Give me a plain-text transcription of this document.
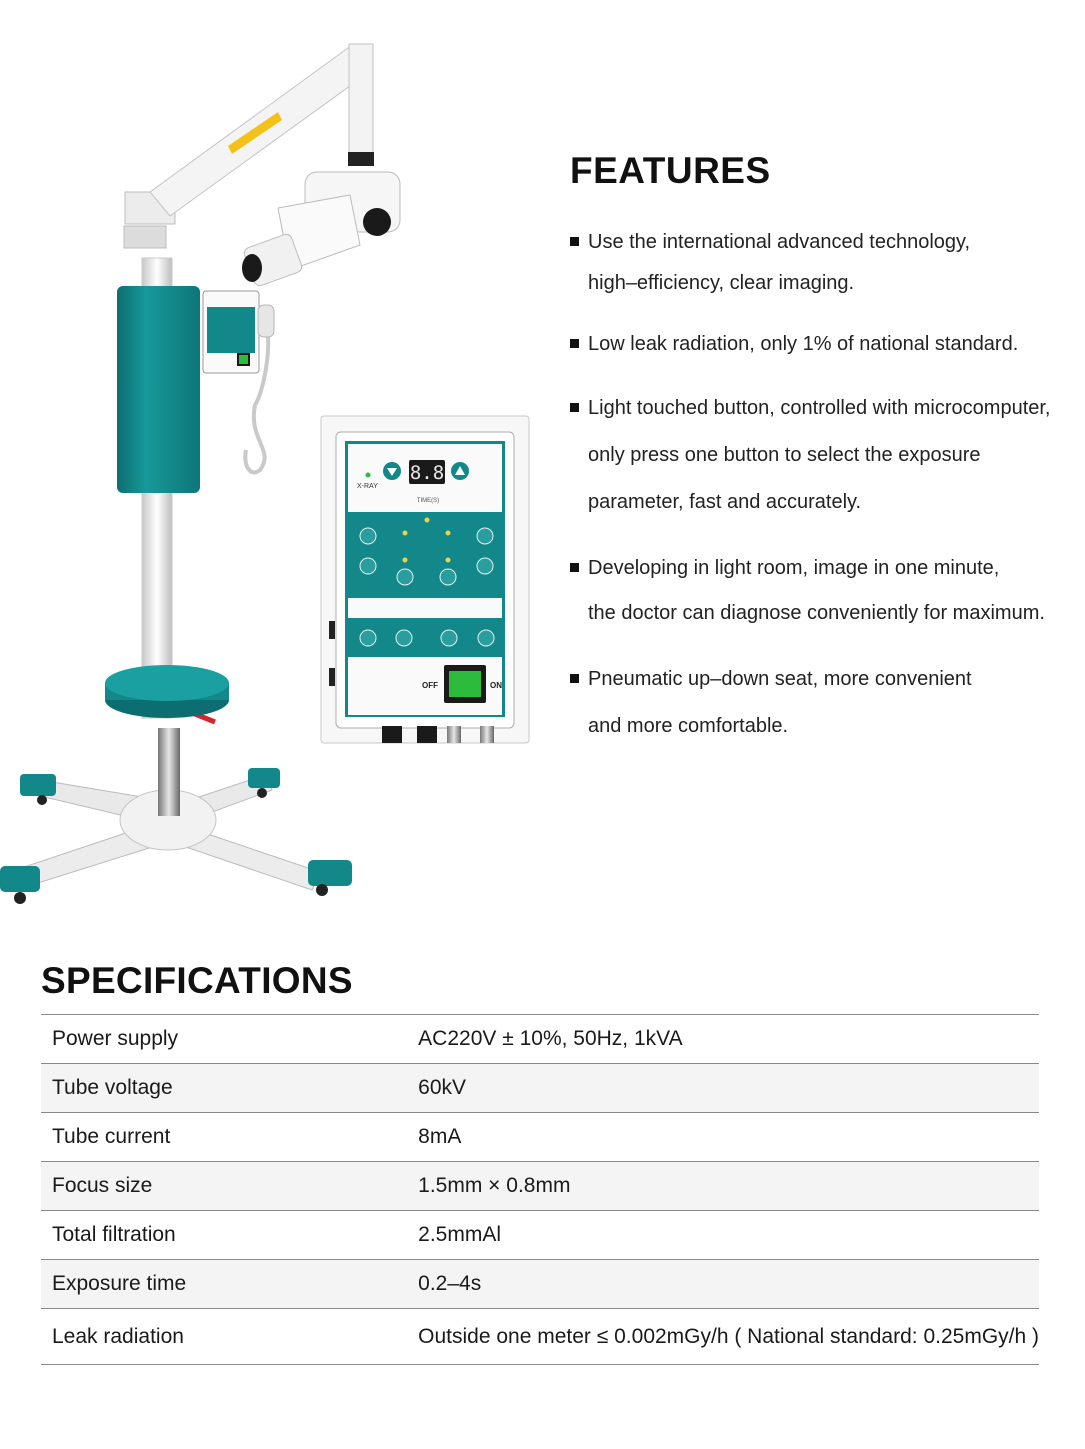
X-RAY
8.8
TIME(S)
OFF	ON
FEATURES
Use the international advanced technology,
high–efficiency, clear imaging.
Low leak radiation, only 1% of national standard.
Light touched button, controlled with microcomputer,
only press one button to select the exposure
parameter, fast and accurately.
Developing in light room, image in one minute,
the doctor can diagnose conveniently for maximum.
Pneumatic up–down seat, more convenient
and more comfortable.
SPECIFICATIONS
Power supply	AC220V ± 10%, 50Hz, 1kVA
Tube voltage	60kV
Tube current	8mA
Focus size	1.5mm × 0.8mm
Total filtration	2.5mmAl
Exposure time	0.2–4s
Leak radiation	Outside one meter ≤ 0.002mGy/h ( National standard: 0.25mGy/h )
